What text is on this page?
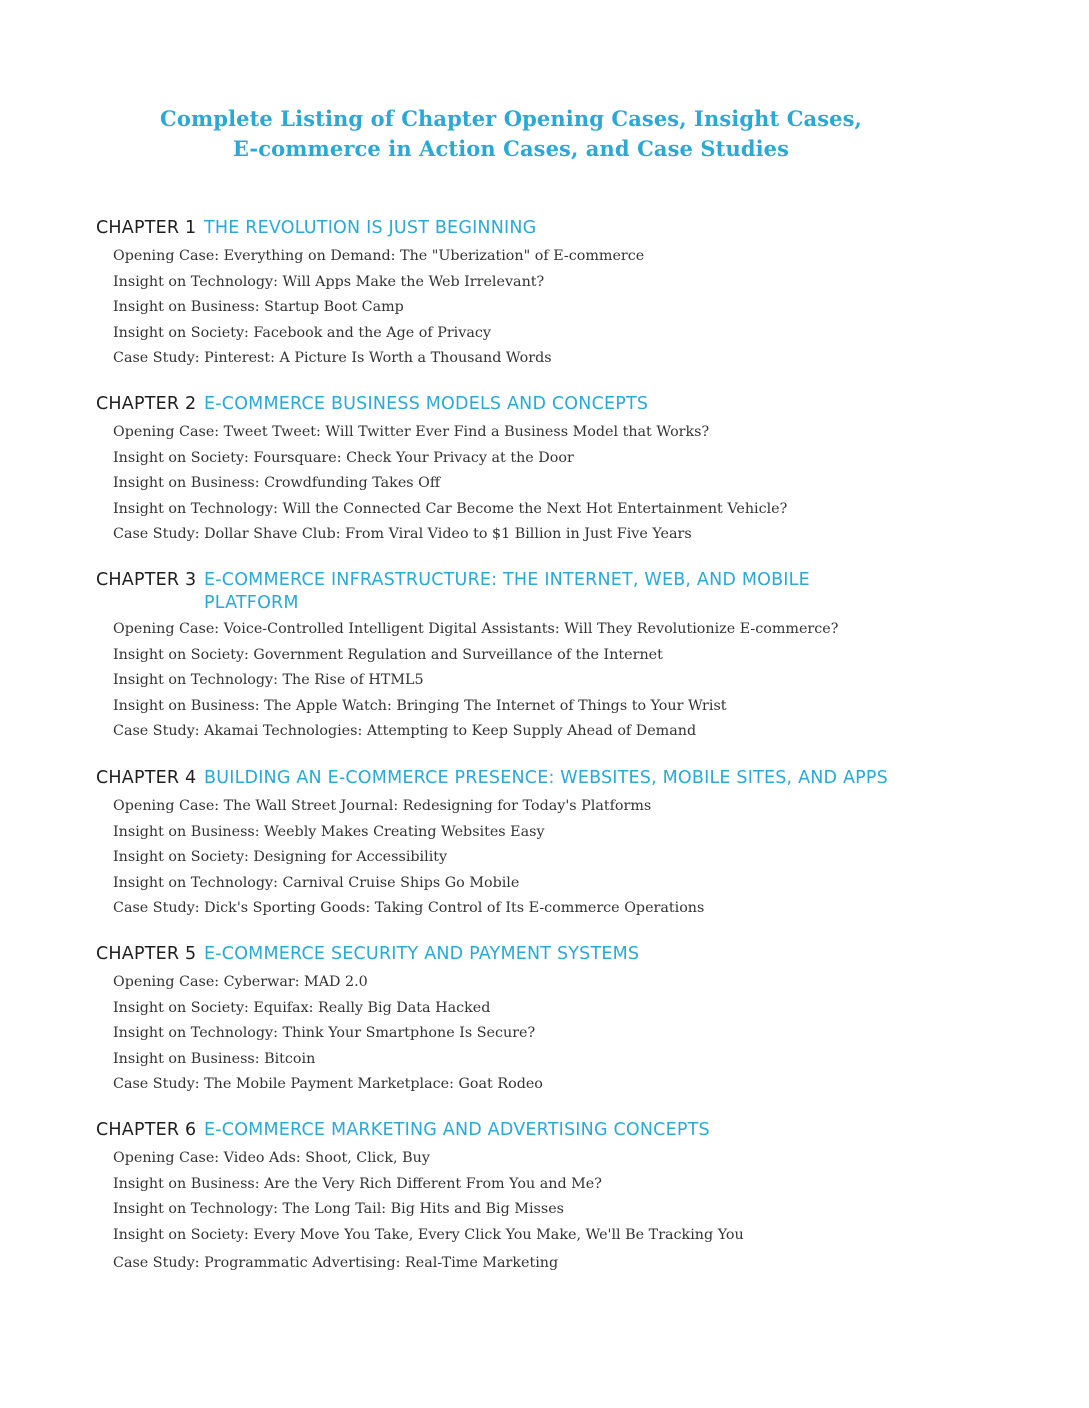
Complete Listing of Chapter Opening Cases, Insight Cases,
E-commerce in Action Cases, and Case Studies
CHAPTER 1 THE REVOLUTION IS JUST BEGINNING
Opening Case: Everything on Demand: The "Uberization" of E-commerce
Insight on Technology: Will Apps Make the Web Irrelevant?
Insight on Business: Startup Boot Camp
Insight on Society: Facebook and the Age of Privacy
Case Study: Pinterest: A Picture Is Worth a Thousand Words
CHAPTER 2 E-COMMERCE BUSINESS MODELS AND CONCEPTS
Opening Case: Tweet Tweet: Will Twitter Ever Find a Business Model that Works?
Insight on Society: Foursquare: Check Your Privacy at the Door
Insight on Business: Crowdfunding Takes Off
Insight on Technology: Will the Connected Car Become the Next Hot Entertainment Vehicle?
Case Study: Dollar Shave Club: From Viral Video to $1 Billion in Just Five Years
CHAPTER 3 E-COMMERCE INFRASTRUCTURE: THE INTERNET, WEB, AND MOBILE PLATFORM
Opening Case: Voice-Controlled Intelligent Digital Assistants: Will They Revolutionize E-commerce?
Insight on Society: Government Regulation and Surveillance of the Internet
Insight on Technology: The Rise of HTML5
Insight on Business: The Apple Watch: Bringing The Internet of Things to Your Wrist
Case Study: Akamai Technologies: Attempting to Keep Supply Ahead of Demand
CHAPTER 4 BUILDING AN E-COMMERCE PRESENCE: WEBSITES, MOBILE SITES, AND APPS
Opening Case: The Wall Street Journal: Redesigning for Today's Platforms
Insight on Business: Weebly Makes Creating Websites Easy
Insight on Society: Designing for Accessibility
Insight on Technology: Carnival Cruise Ships Go Mobile
Case Study: Dick's Sporting Goods: Taking Control of Its E-commerce Operations
CHAPTER 5 E-COMMERCE SECURITY AND PAYMENT SYSTEMS
Opening Case: Cyberwar: MAD 2.0
Insight on Society: Equifax: Really Big Data Hacked
Insight on Technology: Think Your Smartphone Is Secure?
Insight on Business: Bitcoin
Case Study: The Mobile Payment Marketplace: Goat Rodeo
CHAPTER 6 E-COMMERCE MARKETING AND ADVERTISING CONCEPTS
Opening Case: Video Ads: Shoot, Click, Buy
Insight on Business: Are the Very Rich Different From You and Me?
Insight on Technology: The Long Tail: Big Hits and Big Misses
Insight on Society: Every Move You Take, Every Click You Make, We'll Be Tracking You
Case Study: Programmatic Advertising: Real-Time Marketing
